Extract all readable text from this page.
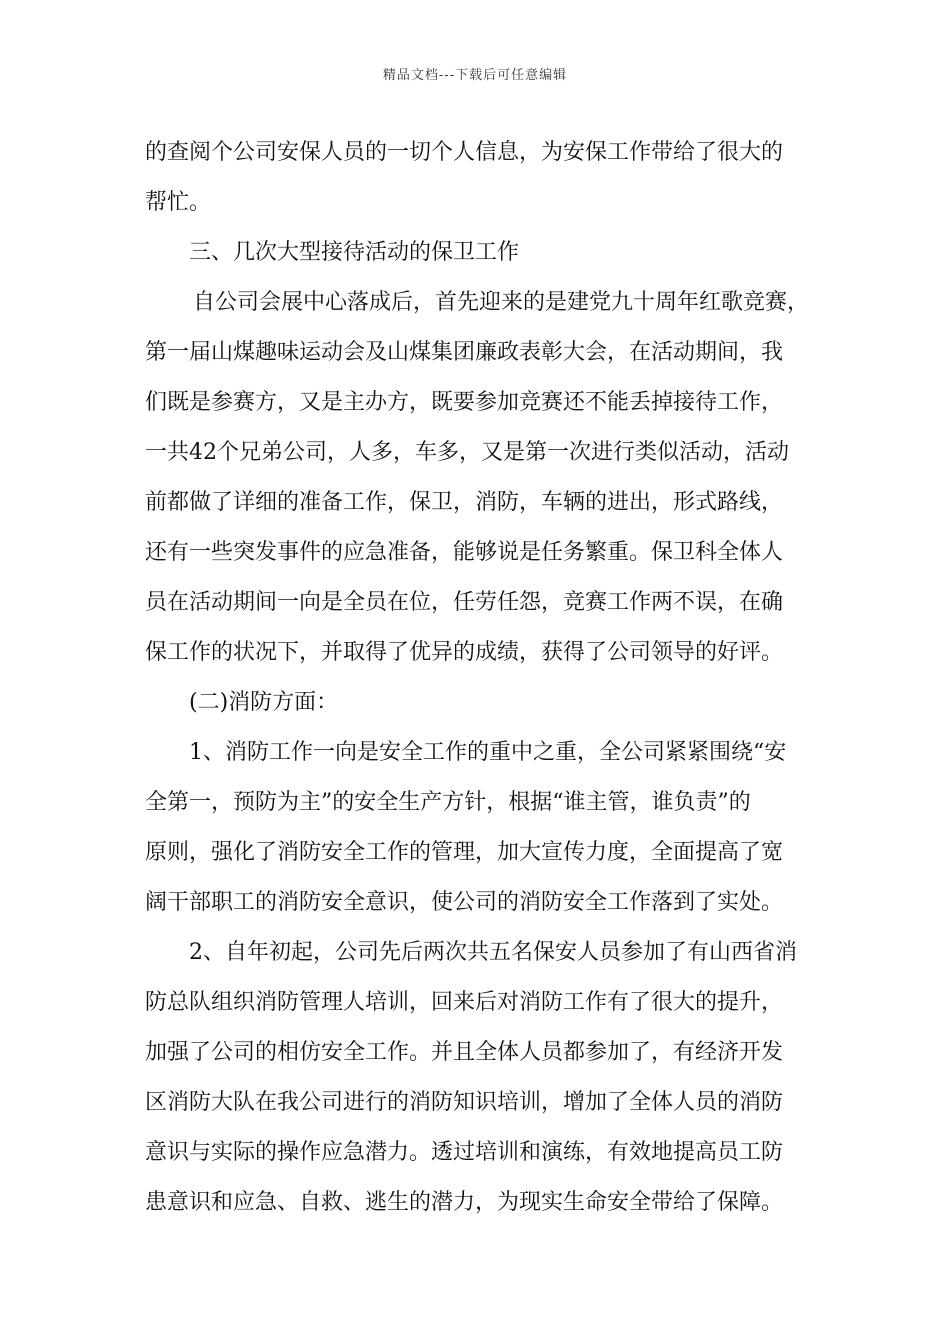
精品文档---下载后可任意编辑
的查阅个公司安保人员的一切个人信息，为安保工作带给了很大的
帮忙。
三、几次大型接待活动的保卫工作
自公司会展中心落成后，首先迎来的是建党九十周年红歌竞赛，
第一届山煤趣味运动会及山煤集团廉政表彰大会，在活动期间，我
们既是参赛方，又是主办方，既要参加竞赛还不能丢掉接待工作，
一共42个兄弟公司，人多，车多，又是第一次进行类似活动，活动
前都做了详细的准备工作，保卫，消防，车辆的进出，形式路线，
还有一些突发事件的应急准备，能够说是任务繁重。保卫科全体人
员在活动期间一向是全员在位，任劳任怨，竞赛工作两不误，在确
保工作的状况下，并取得了优异的成绩，获得了公司领导的好评。
(二)消防方面：
1、消防工作一向是安全工作的重中之重，全公司紧紧围绕“安
全第一，预防为主”的安全生产方针，根据“谁主管，谁负责”的
原则，强化了消防安全工作的管理，加大宣传力度，全面提高了宽
阔干部职工的消防安全意识，使公司的消防安全工作落到了实处。
2、自年初起，公司先后两次共五名保安人员参加了有山西省消
防总队组织消防管理人培训，回来后对消防工作有了很大的提升，
加强了公司的相仿安全工作。并且全体人员都参加了，有经济开发
区消防大队在我公司进行的消防知识培训，增加了全体人员的消防
意识与实际的操作应急潜力。透过培训和演练，有效地提高员工防
患意识和应急、自救、逃生的潜力，为现实生命安全带给了保障。
